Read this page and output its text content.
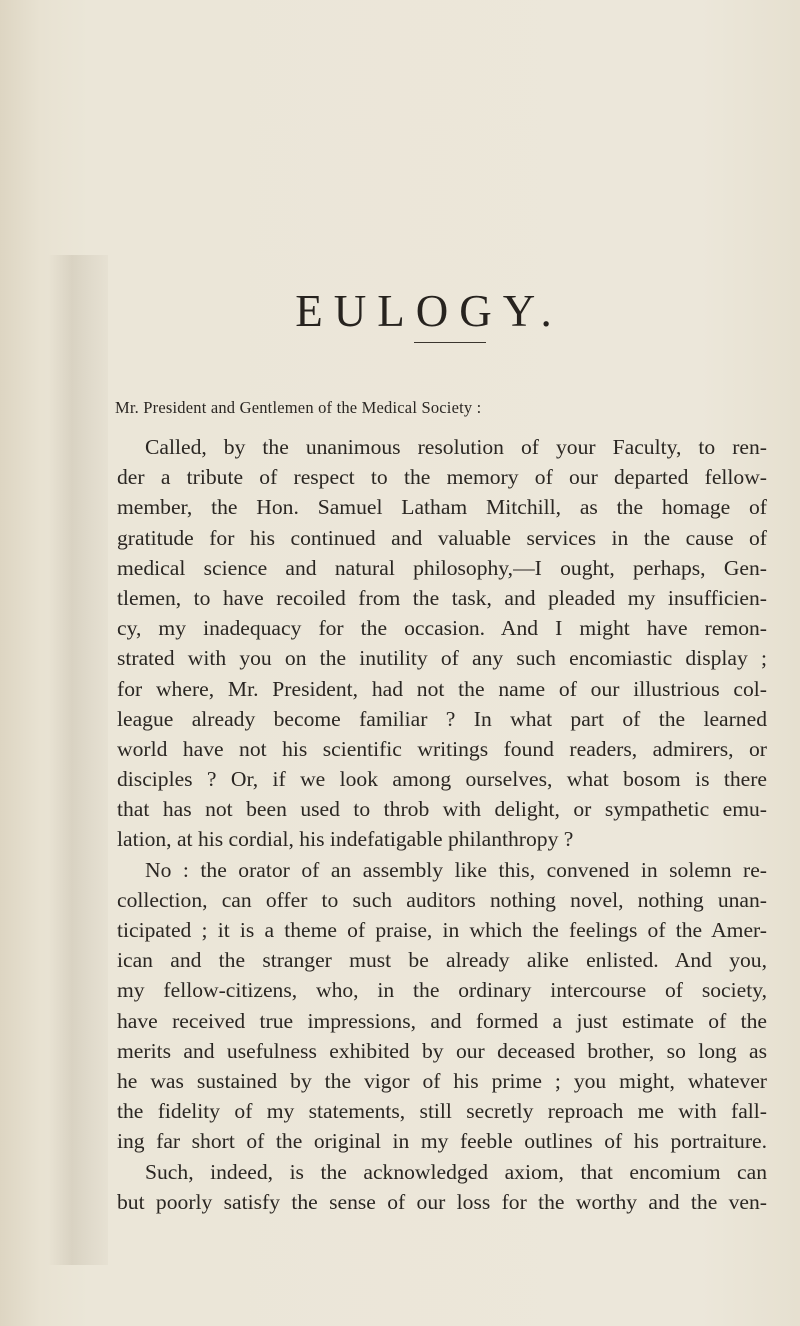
EULOGY.
Mr. President and Gentlemen of the Medical Society :
Called, by the unanimous resolution of your Faculty, to ren-
der a tribute of respect to the memory of our departed fellow-
member, the Hon. Samuel Latham Mitchill, as the homage of
gratitude for his continued and valuable services in the cause of
medical science and natural philosophy,—I ought, perhaps, Gen-
tlemen, to have recoiled from the task, and pleaded my insufficien-
cy, my inadequacy for the occasion. And I might have remon-
strated with you on the inutility of any such encomiastic display ;
for where, Mr. President, had not the name of our illustrious col-
league already become familiar ? In what part of the learned
world have not his scientific writings found readers, admirers, or
disciples ? Or, if we look among ourselves, what bosom is there
that has not been used to throb with delight, or sympathetic emu-
lation, at his cordial, his indefatigable philanthropy ?
No : the orator of an assembly like this, convened in solemn re-
collection, can offer to such auditors nothing novel, nothing unan-
ticipated ; it is a theme of praise, in which the feelings of the Amer-
ican and the stranger must be already alike enlisted. And you,
my fellow-citizens, who, in the ordinary intercourse of society,
have received true impressions, and formed a just estimate of the
merits and usefulness exhibited by our deceased brother, so long as
he was sustained by the vigor of his prime ; you might, whatever
the fidelity of my statements, still secretly reproach me with fall-
ing far short of the original in my feeble outlines of his portraiture.
Such, indeed, is the acknowledged axiom, that encomium can
but poorly satisfy the sense of our loss for the worthy and the ven-
